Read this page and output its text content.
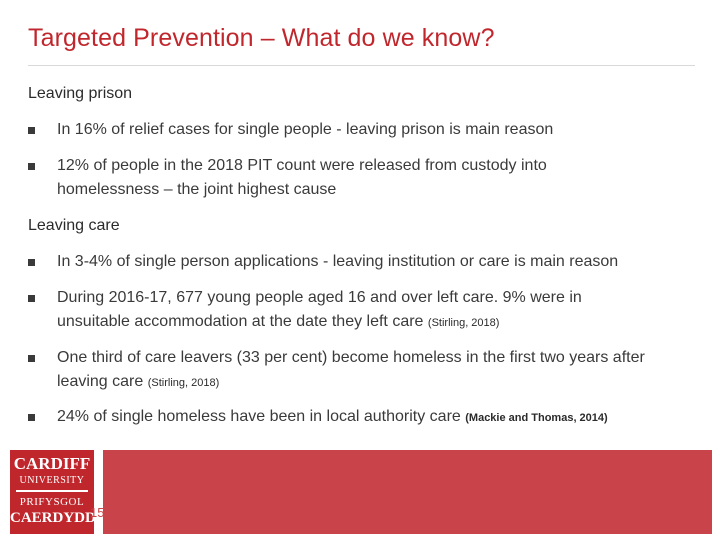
Targeted Prevention – What do we know?
Leaving prison
In 16% of relief cases for single people - leaving prison is main reason
12% of people in the 2018 PIT count were released from custody into homelessness – the joint highest cause
Leaving care
In 3-4% of single person applications - leaving institution or care is main reason
During 2016-17, 677 young people aged 16 and over left care. 9% were in unsuitable accommodation at the date they left care (Stirling, 2018)
One third of care leavers (33 per cent) become homeless in the first two years after leaving care (Stirling, 2018)
24% of single homeless have been in local authority care (Mackie and Thomas, 2014)
CARDIFF
UNIVERSITY
PRIFYSGOL
CAERDYDD
15
